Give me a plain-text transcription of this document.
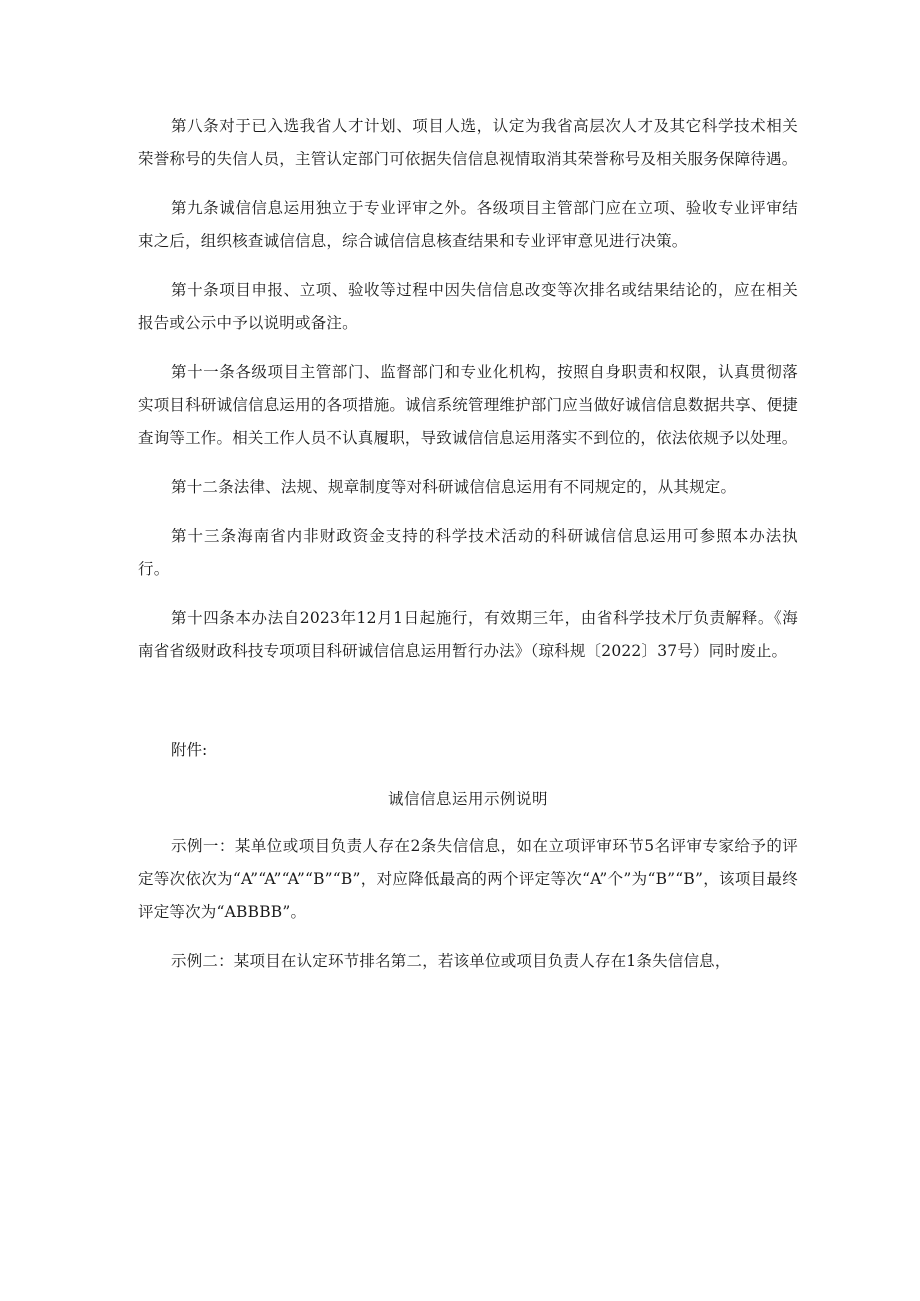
第八条对于已入选我省人才计划、项目人选，认定为我省高层次人才及其它科学技术相关荣誉称号的失信人员，主管认定部门可依据失信信息视情取消其荣誉称号及相关服务保障待遇。

第九条诚信信息运用独立于专业评审之外。各级项目主管部门应在立项、验收专业评审结束之后，组织核查诚信信息，综合诚信信息核查结果和专业评审意见进行决策。

第十条项目申报、立项、验收等过程中因失信信息改变等次排名或结果结论的，应在相关报告或公示中予以说明或备注。

第十一条各级项目主管部门、监督部门和专业化机构，按照自身职责和权限，认真贯彻落实项目科研诚信信息运用的各项措施。诚信系统管理维护部门应当做好诚信信息数据共享、便捷查询等工作。相关工作人员不认真履职，导致诚信信息运用落实不到位的，依法依规予以处理。

第十二条法律、法规、规章制度等对科研诚信信息运用有不同规定的，从其规定。

第十三条海南省内非财政资金支持的科学技术活动的科研诚信信息运用可参照本办法执行。

第十四条本办法自2023年12月1日起施行，有效期三年，由省科学技术厅负责解释。《海南省省级财政科技专项项目科研诚信信息运用暂行办法》（琼科规〔2022〕37号）同时废止。

附件:

诚信信息运用示例说明

示例一：某单位或项目负责人存在2条失信信息，如在立项评审环节5名评审专家给予的评定等次依次为“A”“A”“A”“B”“B”，对应降低最高的两个评定等次“A”个”为“B”“B”，该项目最终评定等次为“ABBBB”。

示例二：某项目在认定环节排名第二，若该单位或项目负责人存在1条失信信息，
